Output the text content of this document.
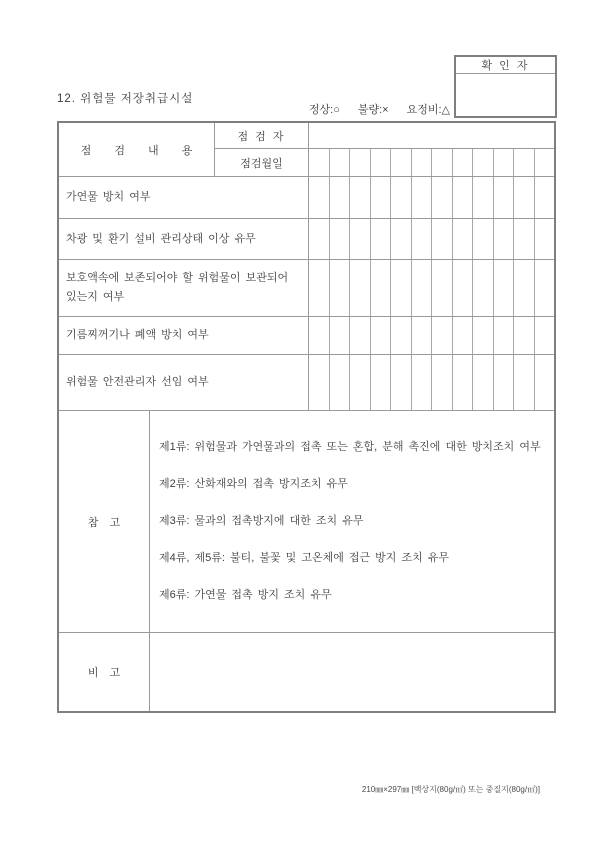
확 인 자
12. 위험물 저장취급시설
정상:○ 불량:× 요정비:△
점 검 내 용
점 검 자
점검월일
가연물 방치 여부
차광 및 환기 설비 관리상태 이상 유무
보호액속에 보존되어야 할 위험물이 보관되어 있는지 여부
기름찌꺼기나 폐액 방치 여부
위험물 안전관리자 선임 여부
참 고
제1류: 위험물과 가연물과의 접촉 또는 혼합, 분해 촉진에 대한 방치조치 여부
제2류: 산화재와의 접촉 방지조치 유무
제3류: 물과의 접촉방지에 대한 조치 유무
제4류, 제5류: 불티, 불꽃 및 고온체에 접근 방지 조치 유무
제6류: 가연물 접촉 방지 조치 유무
비 고
210㎜×297㎜ [백상지(80g/㎡) 또는 중질지(80g/㎡)]
